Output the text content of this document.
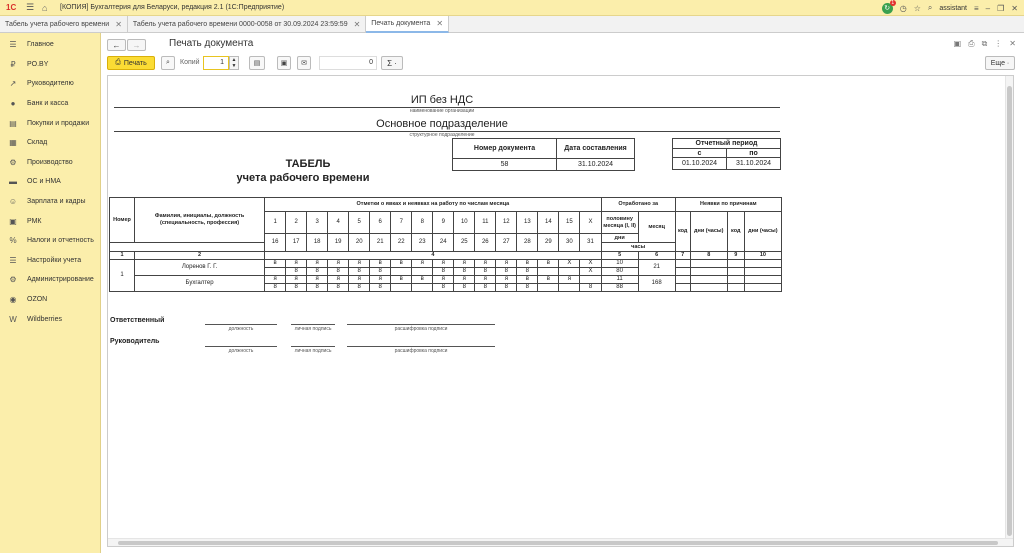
1С	☰ ⌂	[КОПИЯ] Бухгалтерия для Беларуси, редакция 2.1 (1С:Предприятие)	↻
1
◷ ☆ ⌕ assistant ≡ – ❐ ✕
Табель учета рабочего времени ✕ Табель учета рабочего времени 0000-0058 от 30.09.2024 23:59:59 ✕ Печать документа ✕
☰ Главное
₽	PO.BY
↗ Руководителю
●	Банк и касса
▤ Покупки и продажи
▦ Склад
⚙ Производство
▬ ОС и НМА
☺ Зарплата и кадры
▣ РМК
% Налоги и отчетность
☰ Настройки учета
⚙ Администрирование
◉ OZON
W Wildberries
←	→	Печать документа	▣ ⎙ ⧉ ⋮ ✕
⎙ Печать	⌕ Копий	1	▲
▼	▤	▣ ✉	0	Σ ·	Еще ·
ИП без НДС
наименование организации
Основное подразделение
структурное подразделение
ТАБЕЛЬ
учета рабочего времени
Номер документа	Дата составления
58	31.10.2024
Отчетный период	
с	по
01.10.2024	31.10.2024
Номер	Фамилия, инициалы, должность (специальность, профессия)	Отметки о явках и неявках на работу по числам месяца																Отработано за		Неявки по причинам			
		1	2	3	4	5	6	7	8	9	10	11	12	13	14	15	X	половину месяца (I, II)	месяц				
																				код	дни (часы)	код	дни (часы)
		16	17	18	19	20	21	22	23	24	25	26	27	28	29	30	31	дни					
																		часы					
1	2	4																5	6	7	8	9	10
1	Лоренов Г. Г.	в	я	я	я	я	в	в	я	я	я	я	я	в	в	Х	Х	10	21				
			8	8	8	8	8			8	8	8	8	8			Х	80					
	Бухгалтер	я	я	я	я	я	я	в	в	я	я	я	я	в	в	я		11	168				
		8	8	8	8	8	8			8	8	8	8	8			8	88					
Ответственный
должность	личная подпись	расшифровка подписи
Руководитель
должность	личная подпись	расшифровка подписи
